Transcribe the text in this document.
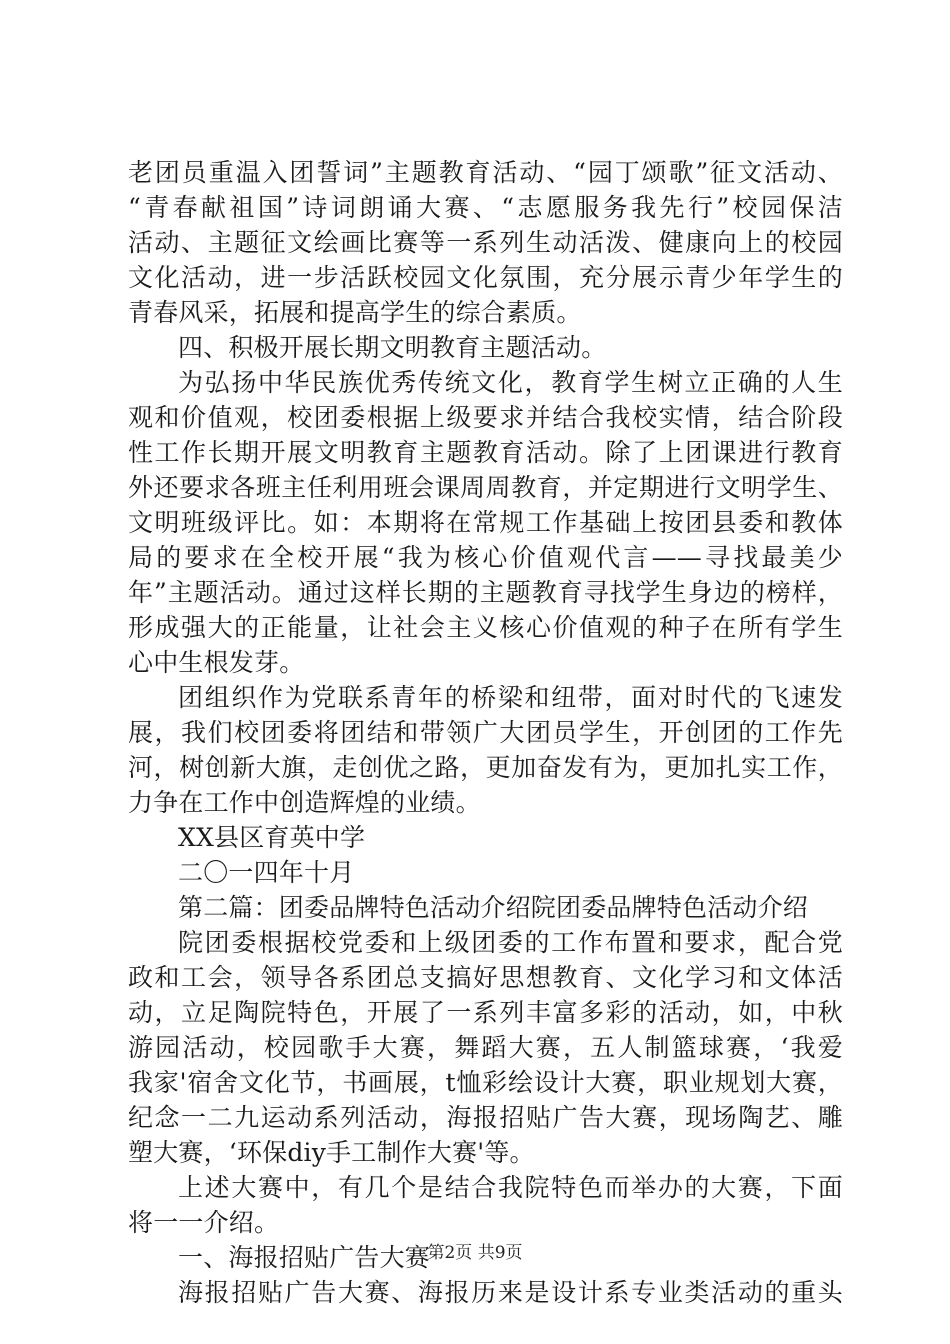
老团员重温入团誓词”主题教育活动、“园丁颂歌”征文活动、
“青春献祖国”诗词朗诵大赛、“志愿服务我先行”校园保洁
活动、主题征文绘画比赛等一系列生动活泼、健康向上的校园
文化活动，进一步活跃校园文化氛围，充分展示青少年学生的
青春风采，拓展和提高学生的综合素质。
四、积极开展长期文明教育主题活动。
为弘扬中华民族优秀传统文化，教育学生树立正确的人生
观和价值观，校团委根据上级要求并结合我校实情，结合阶段
性工作长期开展文明教育主题教育活动。除了上团课进行教育
外还要求各班主任利用班会课周周教育，并定期进行文明学生、
文明班级评比。如：本期将在常规工作基础上按团县委和教体
局的要求在全校开展“我为核心价值观代言——寻找最美少
年”主题活动。通过这样长期的主题教育寻找学生身边的榜样，
形成强大的正能量，让社会主义核心价值观的种子在所有学生
心中生根发芽。
团组织作为党联系青年的桥梁和纽带，面对时代的飞速发
展，我们校团委将团结和带领广大团员学生，开创团的工作先
河，树创新大旗，走创优之路，更加奋发有为，更加扎实工作，
力争在工作中创造辉煌的业绩。
XX县区育英中学
二〇一四年十月
第二篇：团委品牌特色活动介绍院团委品牌特色活动介绍
院团委根据校党委和上级团委的工作布置和要求，配合党
政和工会，领导各系团总支搞好思想教育、文化学习和文体活
动，立足陶院特色，开展了一系列丰富多彩的活动，如，中秋
游园活动，校园歌手大赛，舞蹈大赛，五人制篮球赛，‘我爱
我家'宿舍文化节，书画展，t恤彩绘设计大赛，职业规划大赛，
纪念一二九运动系列活动，海报招贴广告大赛，现场陶艺、雕
塑大赛，‘环保diy手工制作大赛'等。
上述大赛中，有几个是结合我院特色而举办的大赛，下面
将一一介绍。
一、海报招贴广告大赛
海报招贴广告大赛、海报历来是设计系专业类活动的重头
第2页 共9页
